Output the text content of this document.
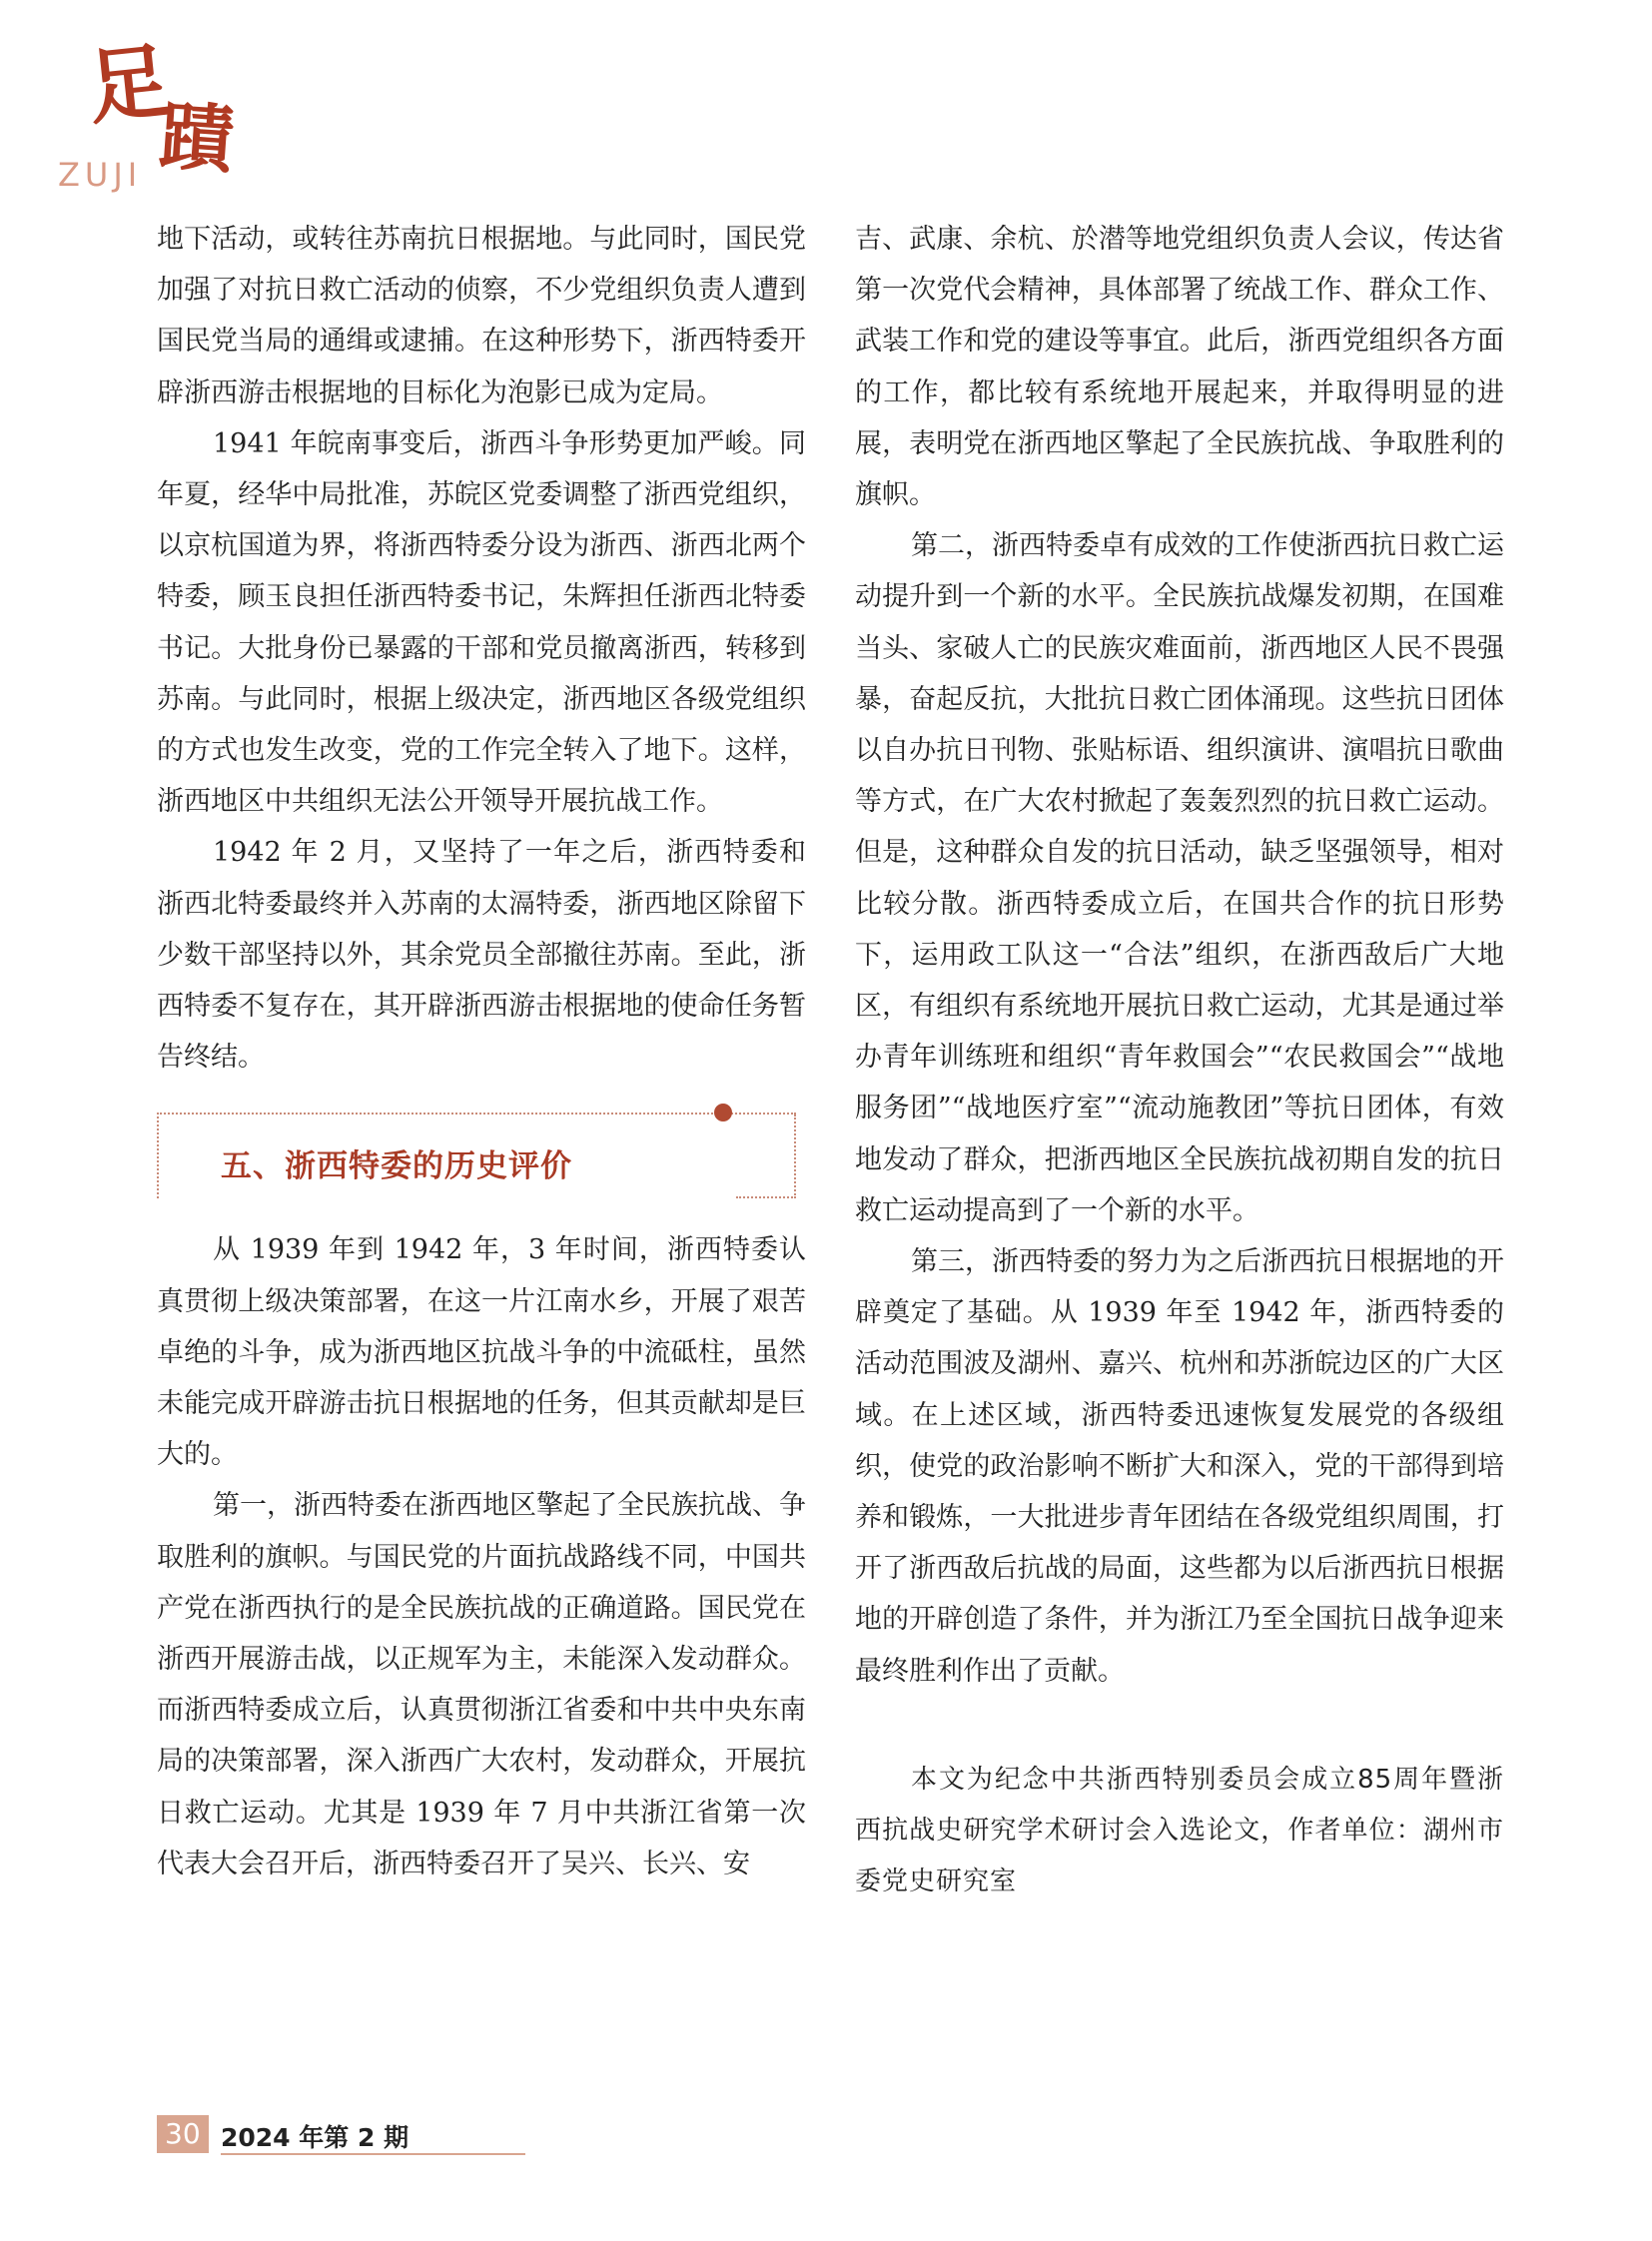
足
蹟
ZUJI

地下活动，或转往苏南抗日根据地。与此同时，国民党加强了对抗日救亡活动的侦察，不少党组织负责人遭到国民党当局的通缉或逮捕。在这种形势下，浙西特委开辟浙西游击根据地的目标化为泡影已成为定局。

1941 年皖南事变后，浙西斗争形势更加严峻。同年夏，经华中局批准，苏皖区党委调整了浙西党组织，以京杭国道为界，将浙西特委分设为浙西、浙西北两个特委，顾玉良担任浙西特委书记，朱辉担任浙西北特委书记。大批身份已暴露的干部和党员撤离浙西，转移到苏南。与此同时，根据上级决定，浙西地区各级党组织的方式也发生改变，党的工作完全转入了地下。这样，浙西地区中共组织无法公开领导开展抗战工作。

1942 年 2 月，又坚持了一年之后，浙西特委和浙西北特委最终并入苏南的太滆特委，浙西地区除留下少数干部坚持以外，其余党员全部撤往苏南。至此，浙西特委不复存在，其开辟浙西游击根据地的使命任务暂告终结。

五、浙西特委的历史评价

从 1939 年到 1942 年，3 年时间，浙西特委认真贯彻上级决策部署，在这一片江南水乡，开展了艰苦卓绝的斗争，成为浙西地区抗战斗争的中流砥柱，虽然未能完成开辟游击抗日根据地的任务，但其贡献却是巨大的。

第一，浙西特委在浙西地区擎起了全民族抗战、争取胜利的旗帜。与国民党的片面抗战路线不同，中国共产党在浙西执行的是全民族抗战的正确道路。国民党在浙西开展游击战，以正规军为主，未能深入发动群众。而浙西特委成立后，认真贯彻浙江省委和中共中央东南局的决策部署，深入浙西广大农村，发动群众，开展抗日救亡运动。尤其是 1939 年 7 月中共浙江省第一次代表大会召开后，浙西特委召开了吴兴、长兴、安

吉、武康、余杭、於潜等地党组织负责人会议，传达省第一次党代会精神，具体部署了统战工作、群众工作、武装工作和党的建设等事宜。此后，浙西党组织各方面的工作，都比较有系统地开展起来，并取得明显的进展，表明党在浙西地区擎起了全民族抗战、争取胜利的旗帜。

第二，浙西特委卓有成效的工作使浙西抗日救亡运动提升到一个新的水平。全民族抗战爆发初期，在国难当头、家破人亡的民族灾难面前，浙西地区人民不畏强暴，奋起反抗，大批抗日救亡团体涌现。这些抗日团体以自办抗日刊物、张贴标语、组织演讲、演唱抗日歌曲等方式，在广大农村掀起了轰轰烈烈的抗日救亡运动。但是，这种群众自发的抗日活动，缺乏坚强领导，相对比较分散。浙西特委成立后，在国共合作的抗日形势下，运用政工队这一“合法”组织，在浙西敌后广大地区，有组织有系统地开展抗日救亡运动，尤其是通过举办青年训练班和组织“青年救国会”“农民救国会”“战地服务团”“战地医疗室”“流动施教团”等抗日团体，有效地发动了群众，把浙西地区全民族抗战初期自发的抗日救亡运动提高到了一个新的水平。

第三，浙西特委的努力为之后浙西抗日根据地的开辟奠定了基础。从 1939 年至 1942 年，浙西特委的活动范围波及湖州、嘉兴、杭州和苏浙皖边区的广大区域。在上述区域，浙西特委迅速恢复发展党的各级组织，使党的政治影响不断扩大和深入，党的干部得到培养和锻炼，一大批进步青年团结在各级党组织周围，打开了浙西敌后抗战的局面，这些都为以后浙西抗日根据地的开辟创造了条件，并为浙江乃至全国抗日战争迎来最终胜利作出了贡献。

本文为纪念中共浙西特别委员会成立85周年暨浙西抗战史研究学术研讨会入选论文，作者单位：湖州市委党史研究室

30 2024 年第 2 期
